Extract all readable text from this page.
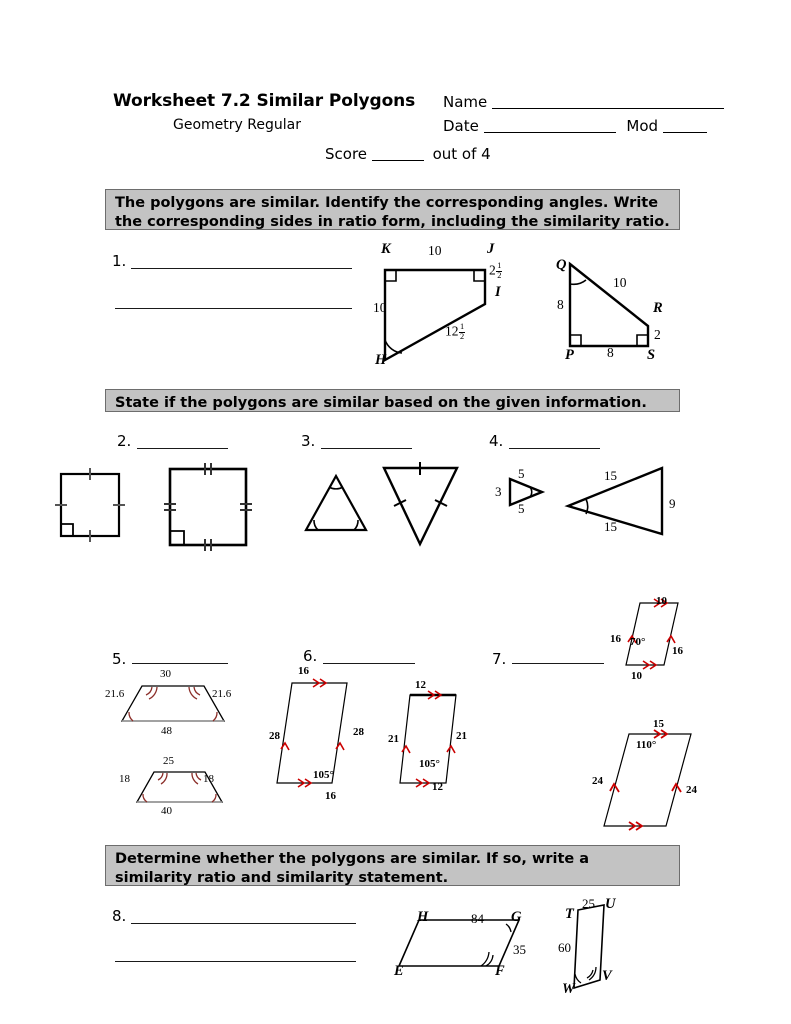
Worksheet 7.2 Similar Polygons
Geometry Regular
Name
Date	Mod
Score	out of 4
The polygons are similar. Identify the corresponding angles. Write the corresponding sides in ratio form, including the similarity ratio.
1.
K	J
I
H
10
10
$2 \frac{1}{2}$
$12 \frac{1}{2}$
Q
R
P	S
10
8
8
2
State if the polygons are similar based on the given information.
2.	3.	4.
3
5
5
15
15
9
5.
30
21.6	21.6
48
25
18	18
40
6.
16
28	28
105°
16
12
21	21
105°
12
7.
10
16
16
70°
10
15
110°
24
24
Determine whether the polygons are similar. If so, write a similarity ratio and similarity statement.
8.	H	G
E	F
84
35
T
U
V
W
25
60
